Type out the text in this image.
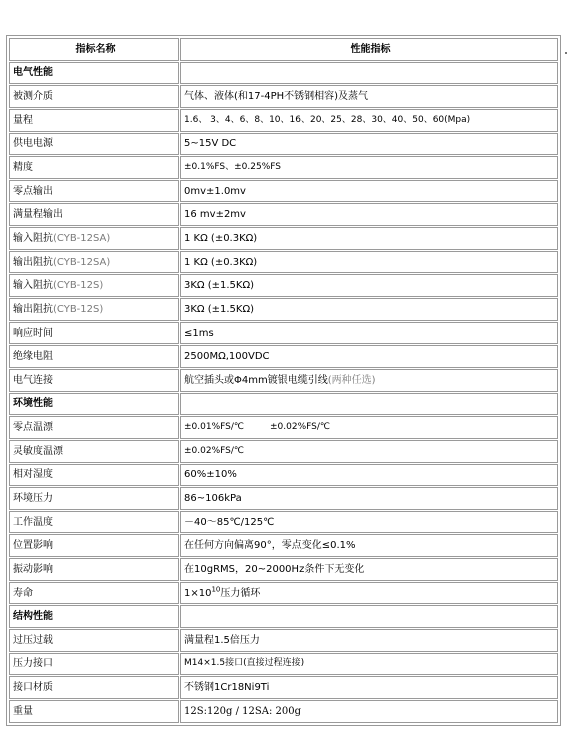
指标名称	性能指标
电气性能	
被测介质	气体、液体(和17-4PH不锈钢相容)及蒸气
量程	1.6、 3、4、6、8、10、16、20、25、28、30、40、50、60(Mpa)
供电电源	5~15V DC
精度	±0.1%FS、±0.25%FS
零点输出	0mv±1.0mv
满量程输出	16 mv±2mv
输入阻抗(CYB-12SA)	1 KΩ (±0.3KΩ)
输出阻抗(CYB-12SA)	1 KΩ (±0.3KΩ)
输入阻抗(CYB-12S)	3KΩ (±1.5KΩ)
输出阻抗(CYB-12S)	3KΩ (±1.5KΩ)
响应时间	≤1ms
绝缘电阻	2500MΩ,100VDC
电气连接	航空插头或Φ4mm镀银电缆引线(两种任选)
环境性能	
零点温漂	±0.01%FS/℃ ±0.02%FS/℃
灵敏度温漂	±0.02%FS/℃
相对湿度	60%±10%
环境压力	86~106kPa
工作温度	－40～85℃/125℃
位置影响	在任何方向偏离90°，零点变化≤0.1%
振动影响	在10gRMS，20~2000Hz条件下无变化
寿命	$1\times 10^{10}$压力循环
结构性能	
过压过载	满量程1.5倍压力
压力接口	M14×1.5接口(直接过程连接)
接口材质	不锈钢1Cr18Ni9Ti
重量	12S:120g / 12SA: 200g
